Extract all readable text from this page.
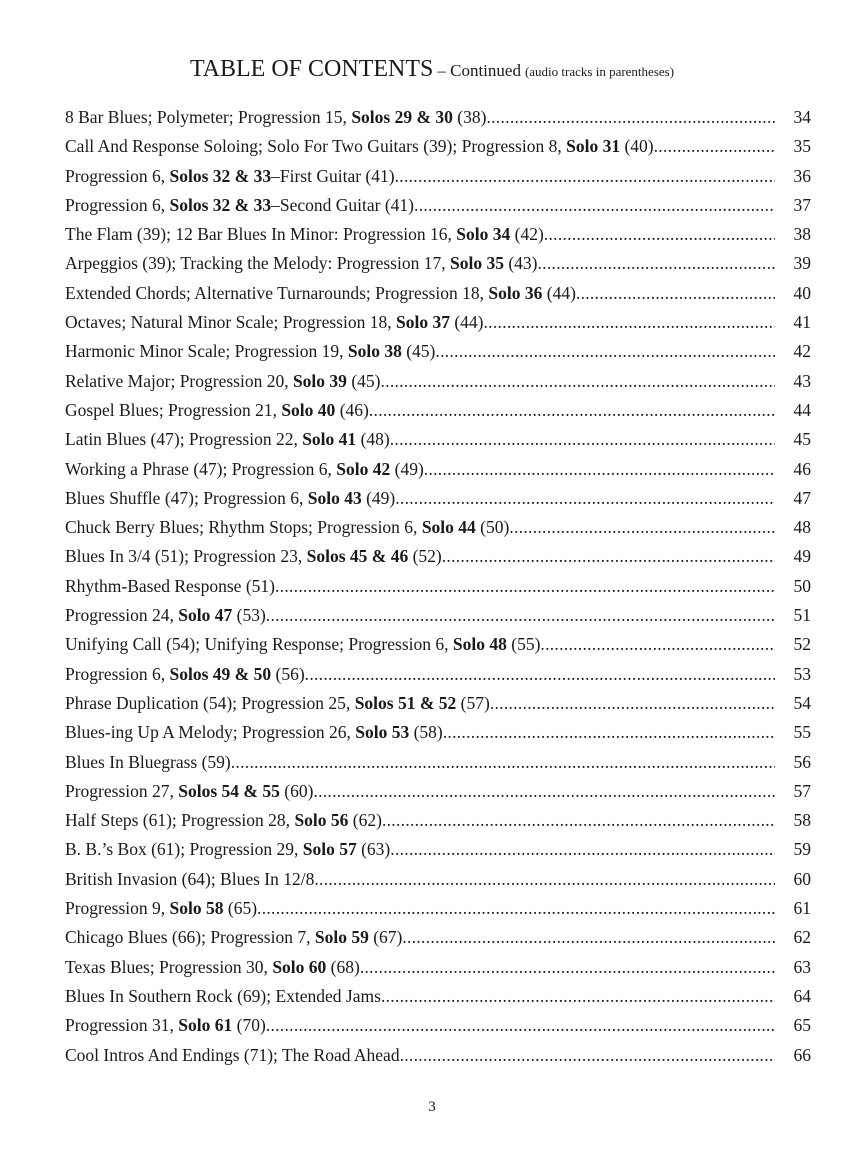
TABLE OF CONTENTS – Continued (audio tracks in parentheses)
8 Bar Blues; Polymeter; Progression 15, Solos 29 & 30 (38) .....	34
Call And Response Soloing; Solo For Two Guitars (39); Progression 8, Solo 31 (40) .....	35
Progression 6, Solos 32 & 33–First Guitar (41) .....	36
Progression 6, Solos 32 & 33–Second Guitar (41) .....	37
The Flam (39); 12 Bar Blues In Minor: Progression 16, Solo 34 (42) .....	38
Arpeggios (39); Tracking the Melody: Progression 17, Solo 35 (43) .....	39
Extended Chords; Alternative Turnarounds; Progression 18, Solo 36 (44) .....	40
Octaves; Natural Minor Scale; Progression 18, Solo 37 (44) .....	41
Harmonic Minor Scale; Progression 19, Solo 38 (45) .....	42
Relative Major; Progression 20, Solo 39 (45) .....	43
Gospel Blues; Progression 21, Solo 40 (46) .....	44
Latin Blues (47); Progression 22, Solo 41 (48) .....	45
Working a Phrase (47); Progression 6, Solo 42 (49) .....	46
Blues Shuffle (47); Progression 6, Solo 43 (49) .....	47
Chuck Berry Blues; Rhythm Stops; Progression 6, Solo 44 (50) .....	48
Blues In 3/4 (51); Progression 23, Solos 45 & 46 (52) .....	49
Rhythm-Based Response (51) .....	50
Progression 24, Solo 47 (53) .....	51
Unifying Call (54); Unifying Response; Progression 6, Solo 48 (55) .....	52
Progression 6, Solos 49 & 50 (56) .....	53
Phrase Duplication (54); Progression 25, Solos 51 & 52 (57) .....	54
Blues-ing Up A Melody; Progression 26, Solo 53 (58) .....	55
Blues In Bluegrass (59) .....	56
Progression 27, Solos 54 & 55 (60) .....	57
Half Steps (61); Progression 28, Solo 56 (62) .....	58
B. B.’s Box (61); Progression 29, Solo 57 (63) .....	59
British Invasion (64); Blues In 12/8 .....	60
Progression 9, Solo 58 (65) .....	61
Chicago Blues (66); Progression 7, Solo 59 (67) .....	62
Texas Blues; Progression 30, Solo 60 (68) .....	63
Blues In Southern Rock (69); Extended Jams .....	64
Progression 31, Solo 61 (70) .....	65
Cool Intros And Endings (71); The Road Ahead .....	66
3
